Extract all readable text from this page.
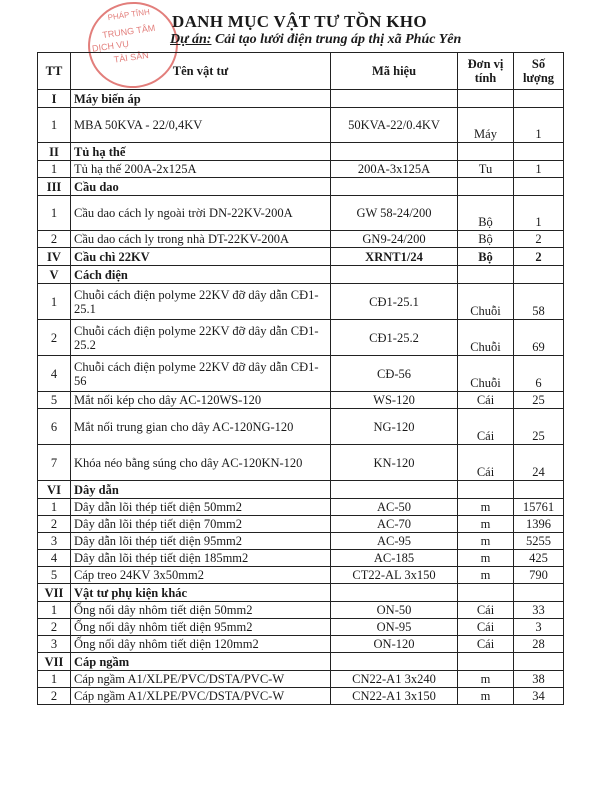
PHÁP TỈNH
TRUNG TÂM
DỊCH VỤ
TÀI SẢN
DANH MỤC VẬT TƯ TỒN KHO
Dự án: Cải tạo lưới điện trung áp thị xã Phúc Yên
TT	Tên vật tư	Mã hiệu	Đơn vị tính	Số lượng
I	Máy biến áp			
1	MBA 50KVA - 22/0,4KV	50KVA-22/0.4KV	Máy	1
II	Tủ hạ thế			
1	Tủ hạ thế 200A-2x125A	200A-3x125A	Tu	1
III	Cầu dao			
1	Cầu dao cách ly ngoài trời DN-22KV-200A	GW 58-24/200	Bộ	1
2	Cầu dao cách ly trong nhà DT-22KV-200A	GN9-24/200	Bộ	2
IV	Cầu chì 22KV	XRNT1/24	Bộ	2
V	Cách điện			
1	Chuỗi cách điện polyme 22KV đỡ dây dẫn CĐ1-25.1	CĐ1-25.1	Chuỗi	58
2	Chuỗi cách điện polyme 22KV đỡ dây dẫn CĐ1-25.2	CĐ1-25.2	Chuỗi	69
4	Chuỗi cách điện polyme 22KV đỡ dây dẫn CĐ1-56	CĐ-56	Chuỗi	6
5	Mắt nối kép cho dây AC-120WS-120	WS-120	Cái	25
6	Mắt nối trung gian cho dây AC-120NG-120	NG-120	Cái	25
7	Khóa néo bằng súng cho dây AC-120KN-120	KN-120	Cái	24
VI	Dây dẫn			
1	Dây dẫn lõi thép tiết diện 50mm2	AC-50	m	15761
2	Dây dẫn lõi thép tiết diện 70mm2	AC-70	m	1396
3	Dây dẫn lõi thép tiết diện 95mm2	AC-95	m	5255
4	Dây dẫn lõi thép tiết diện 185mm2	AC-185	m	425
5	Cáp treo 24KV 3x50mm2	CT22-AL 3x150	m	790
VII	Vật tư phụ kiện khác			
1	Ống nối dây nhôm tiết diện 50mm2	ON-50	Cái	33
2	Ống nối dây nhôm tiết diện 95mm2	ON-95	Cái	3
3	Ống nối dây nhôm tiết diện 120mm2	ON-120	Cái	28
VII	Cáp ngầm			
1	Cáp ngầm A1/XLPE/PVC/DSTA/PVC-W	CN22-A1 3x240	m	38
2	Cáp ngầm A1/XLPE/PVC/DSTA/PVC-W	CN22-A1 3x150	m	34
